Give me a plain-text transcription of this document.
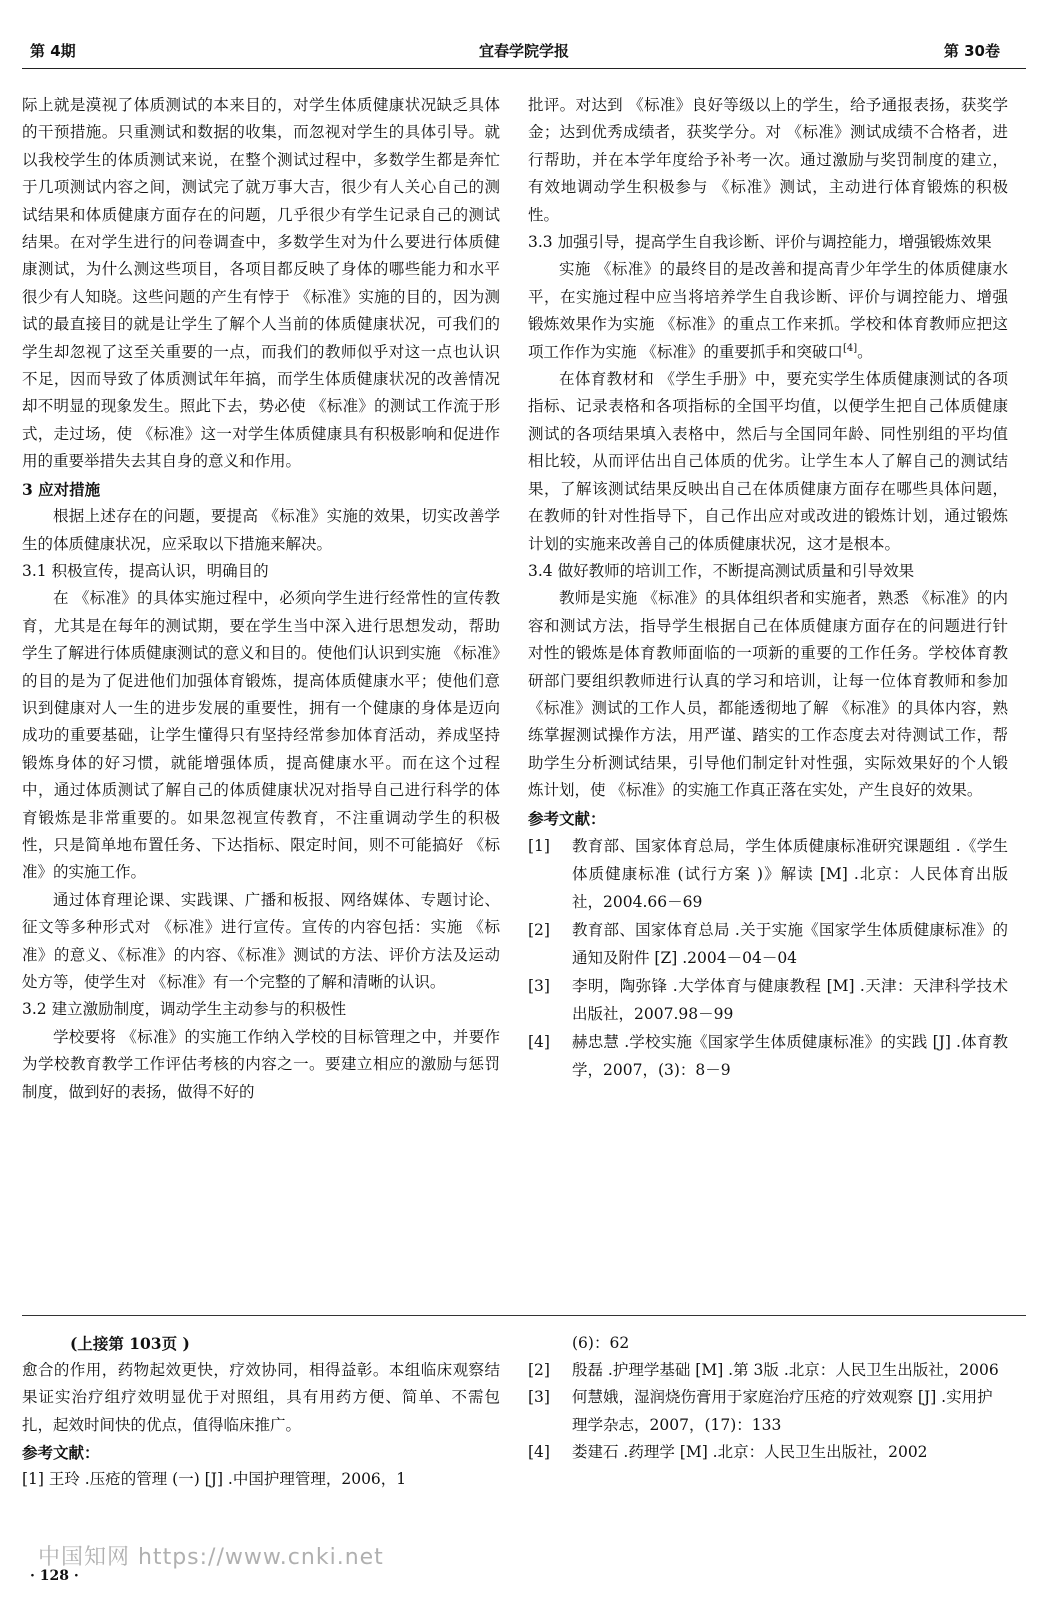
第 4期	宜春学院学报	第 30卷

际上就是漠视了体质测试的本来目的，对学生体质健康状况缺乏具体的干预措施。只重测试和数据的收集，而忽视对学生的具体引导。就以我校学生的体质测试来说，在整个测试过程中，多数学生都是奔忙于几项测试内容之间，测试完了就万事大吉，很少有人关心自己的测试结果和体质健康方面存在的问题，几乎很少有学生记录自己的测试结果。在对学生进行的问卷调查中，多数学生对为什么要进行体质健康测试，为什么测这些项目，各项目都反映了身体的哪些能力和水平很少有人知晓。这些问题的产生有悖于 《标准》实施的目的，因为测试的最直接目的就是让学生了解个人当前的体质健康状况，可我们的学生却忽视了这至关重要的一点，而我们的教师似乎对这一点也认识不足，因而导致了体质测试年年搞，而学生体质健康状况的改善情况却不明显的现象发生。照此下去，势必使 《标准》的测试工作流于形式，走过场，使 《标准》这一对学生体质健康具有积极影响和促进作用的重要举措失去其自身的意义和作用。

3 应对措施

根据上述存在的问题，要提高 《标准》实施的效果，切实改善学生的体质健康状况，应采取以下措施来解决。

3.1 积极宣传，提高认识，明确目的

在 《标准》的具体实施过程中，必须向学生进行经常性的宣传教育，尤其是在每年的测试期，要在学生当中深入进行思想发动，帮助学生了解进行体质健康测试的意义和目的。使他们认识到实施 《标准》的目的是为了促进他们加强体育锻炼，提高体质健康水平；使他们意识到健康对人一生的进步发展的重要性，拥有一个健康的身体是迈向成功的重要基础，让学生懂得只有坚持经常参加体育活动，养成坚持锻炼身体的好习惯，就能增强体质，提高健康水平。而在这个过程中，通过体质测试了解自己的体质健康状况对指导自己进行科学的体育锻炼是非常重要的。如果忽视宣传教育，不注重调动学生的积极性，只是简单地布置任务、下达指标、限定时间，则不可能搞好 《标准》的实施工作。

通过体育理论课、实践课、广播和板报、网络媒体、专题讨论、征文等多种形式对 《标准》进行宣传。宣传的内容包括：实施 《标准》的意义、《标准》的内容、《标准》测试的方法、评价方法及运动处方等，使学生对 《标准》有一个完整的了解和清晰的认识。

3.2 建立激励制度，调动学生主动参与的积极性

学校要将 《标准》的实施工作纳入学校的目标管理之中，并要作为学校教育教学工作评估考核的内容之一。要建立相应的激励与惩罚制度，做到好的表扬，做得不好的

批评。对达到 《标准》良好等级以上的学生，给予通报表扬，获奖学金；达到优秀成绩者，获奖学分。对 《标准》测试成绩不合格者，进行帮助，并在本学年度给予补考一次。通过激励与奖罚制度的建立，有效地调动学生积极参与 《标准》测试，主动进行体育锻炼的积极性。

3.3 加强引导，提高学生自我诊断、评价与调控能力，增强锻炼效果

实施 《标准》的最终目的是改善和提高青少年学生的体质健康水平，在实施过程中应当将培养学生自我诊断、评价与调控能力、增强锻炼效果作为实施 《标准》的重点工作来抓。学校和体育教师应把这项工作作为实施 《标准》的重要抓手和突破口[4]。

在体育教材和 《学生手册》中，要充实学生体质健康测试的各项指标、记录表格和各项指标的全国平均值，以便学生把自己体质健康测试的各项结果填入表格中，然后与全国同年龄、同性别组的平均值相比较，从而评估出自己体质的优劣。让学生本人了解自己的测试结果，了解该测试结果反映出自己在体质健康方面存在哪些具体问题，在教师的针对性指导下，自己作出应对或改进的锻炼计划，通过锻炼计划的实施来改善自己的体质健康状况，这才是根本。

3.4 做好教师的培训工作，不断提高测试质量和引导效果

教师是实施 《标准》的具体组织者和实施者，熟悉 《标准》的内容和测试方法，指导学生根据自己在体质健康方面存在的问题进行针对性的锻炼是体育教师面临的一项新的重要的工作任务。学校体育教研部门要组织教师进行认真的学习和培训，让每一位体育教师和参加 《标准》测试的工作人员，都能透彻地了解 《标准》的具体内容，熟练掌握测试操作方法，用严谨、踏实的工作态度去对待测试工作，帮助学生分析测试结果，引导他们制定针对性强，实际效果好的个人锻炼计划，使 《标准》的实施工作真正落在实处，产生良好的效果。

参考文献：

[1] 教育部、国家体育总局，学生体质健康标准研究课题组 .《学生体质健康标准 (试行方案 )》解读 [M] .北京：人民体育出版社，2004.66－69
[2] 教育部、国家体育总局 .关于实施《国家学生体质健康标准》的通知及附件 [Z] .2004－04－04
[3] 李明，陶弥锋 .大学体育与健康教程 [M] .天津：天津科学技术出版社，2007.98－99
[4] 赫忠慧 .学校实施《国家学生体质健康标准》的实践 [J] .体育教学，2007，(3)：8－9

(上接第 103页 )

愈合的作用，药物起效更快，疗效协同，相得益彰。本组临床观察结果证实治疗组疗效明显优于对照组，具有用药方便、简单、不需包扎，起效时间快的优点，值得临床推广。

参考文献：

[1] 王玲 .压疮的管理 (一) [J] .中国护理管理，2006，1

(6)：62

[2] 殷磊 .护理学基础 [M] .第 3版 .北京：人民卫生出版社，2006
[3] 何慧娥，湿润烧伤膏用于家庭治疗压疮的疗效观察 [J] .实用护理学杂志，2007，(17)：133
[4] 娄建石 .药理学 [M] .北京：人民卫生出版社，2002
中国知网 https://www.cnki.net
· 128 ·
